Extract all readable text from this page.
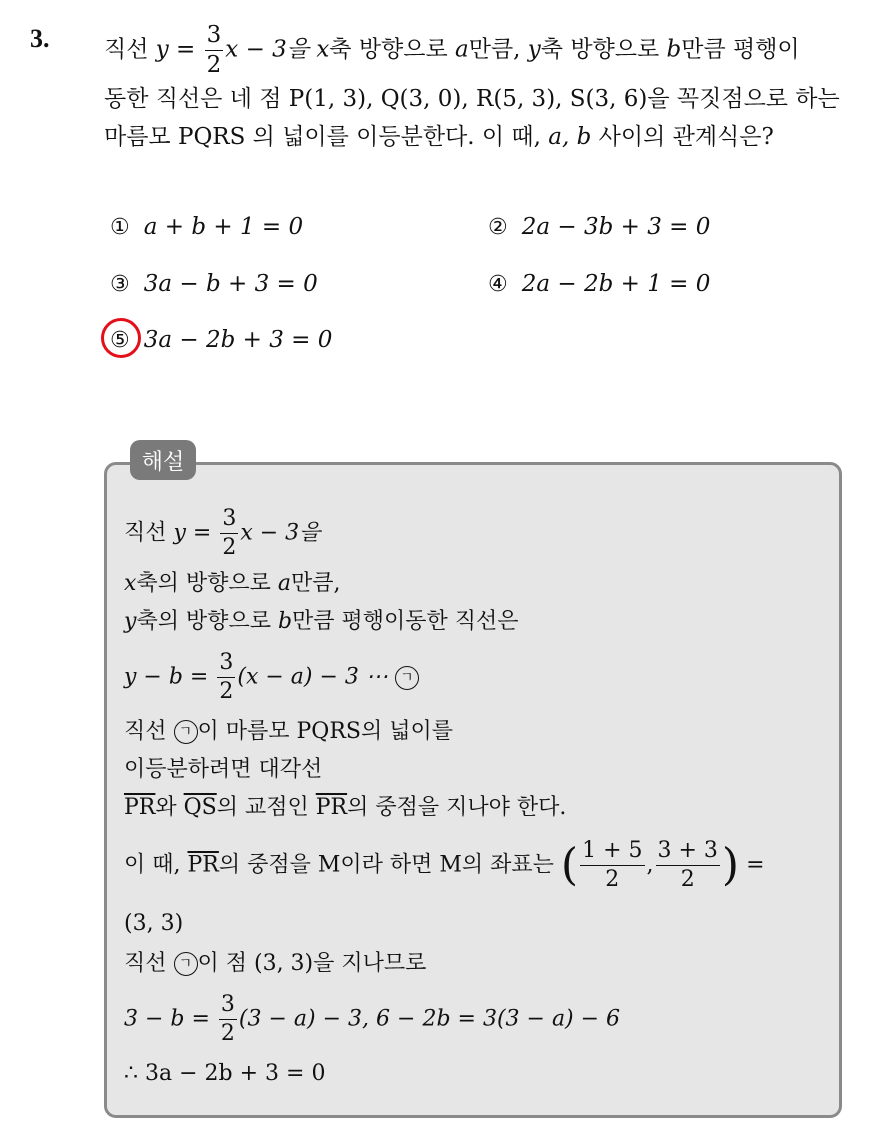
3. 직선 $y = \frac{3}{2}$ x − 3을 x축 방향으로 a만큼, y축 방향으로 b만큼 평행이
동한 직선은 네 점 P(1, 3), Q(3, 0), R(5, 3), S(3, 6)을 꼭짓점으로 하는
마름모 PQRS 의 넓이를 이등분한다. 이 때, a, b 사이의 관계식은?
① a + b + 1 = 0	② 2a − 3b + 3 = 0
③ 3a − b + 3 = 0	④ 2a − 2b + 1 = 0
⑤ 3a − 2b + 3 = 0
해설
직선 $y = \frac{3}{2}$ x − 3을
x축의 방향으로 a만큼,
y축의 방향으로 b만큼 평행이동한 직선은
$y - b = \frac{3}{2} (x - a) - 3$ ⋯ ㄱ
직선 ㄱ 이 마름모 PQRS의 넓이를
이등분하려면 대각선
$\overline{PR}$와 $\overline{QS}$의 교점인 $\overline{PR}$의 중점을 지나야 한다.
이 때, $\overline{PR}$의 중점을 M이라 하면 M의 좌표는 ( $\frac{1 + 5}{2}$ , $\frac{3 + 3}{2}$ ) =
(3, 3)
직선 ㄱ 이 점 (3, 3)을 지나므로
$3 - b = \frac{3}{2} (3 - a) - 3$, 6 − 2b = 3(3 − a) − 6
∴ 3a − 2b + 3 = 0
